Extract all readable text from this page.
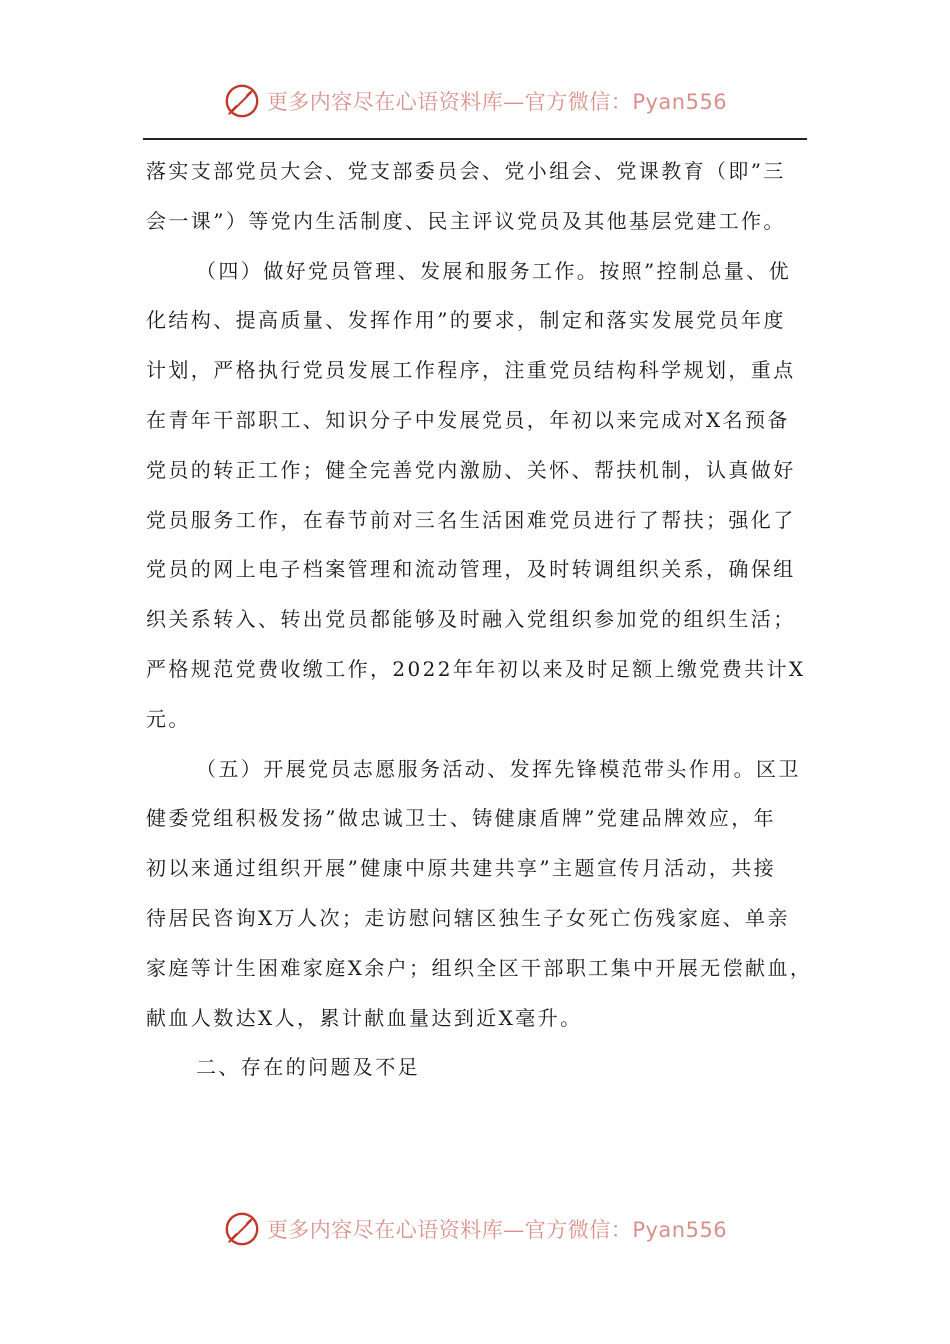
更多内容尽在心语资料库—官方微信：Pyan556
落实支部党员大会、党支部委员会、党小组会、党课教育（即”三
会一课”）等党内生活制度、民主评议党员及其他基层党建工作。
（四）做好党员管理、发展和服务工作。按照”控制总量、优
化结构、提高质量、发挥作用”的要求，制定和落实发展党员年度
计划，严格执行党员发展工作程序，注重党员结构科学规划，重点
在青年干部职工、知识分子中发展党员，年初以来完成对X名预备
党员的转正工作；健全完善党内激励、关怀、帮扶机制，认真做好
党员服务工作，在春节前对三名生活困难党员进行了帮扶；强化了
党员的网上电子档案管理和流动管理，及时转调组织关系，确保组
织关系转入、转出党员都能够及时融入党组织参加党的组织生活；
严格规范党费收缴工作，2022年年初以来及时足额上缴党费共计X
元。
（五）开展党员志愿服务活动、发挥先锋模范带头作用。区卫
健委党组积极发扬”做忠诚卫士、铸健康盾牌”党建品牌效应，年
初以来通过组织开展”健康中原共建共享”主题宣传月活动，共接
待居民咨询X万人次；走访慰问辖区独生子女死亡伤残家庭、单亲
家庭等计生困难家庭X余户；组织全区干部职工集中开展无偿献血，
献血人数达X人，累计献血量达到近X毫升。
二、存在的问题及不足
更多内容尽在心语资料库—官方微信：Pyan556
